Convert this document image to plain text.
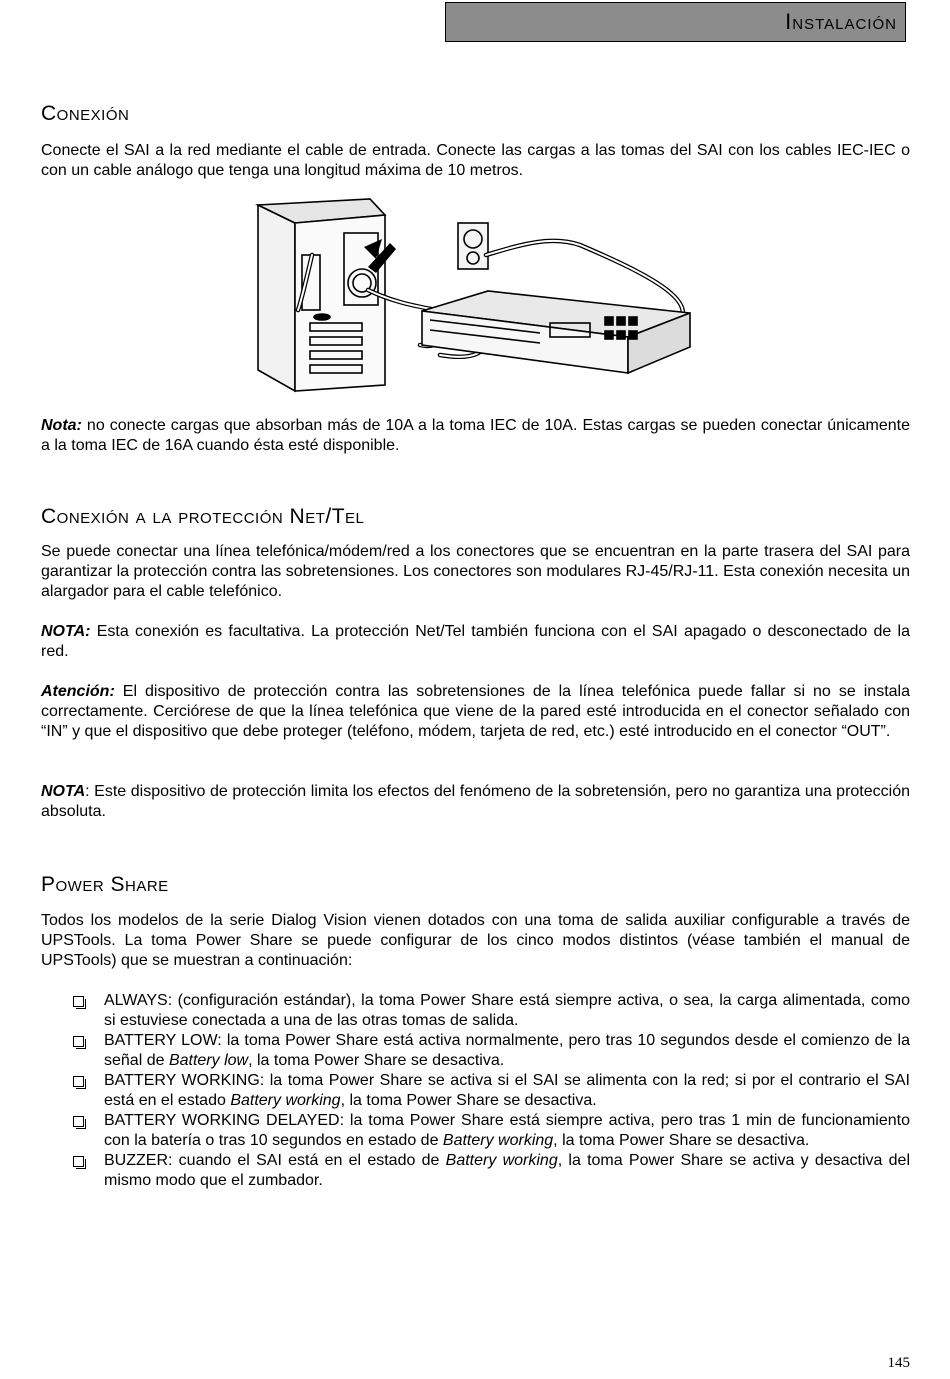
Instalación
Conexión

Conecte el SAI a la red mediante el cable de entrada. Conecte las cargas a las tomas del SAI con los cables IEC-IEC o con un cable análogo que tenga una longitud máxima de 10 metros.

Nota: no conecte cargas que absorban más de 10A a la toma IEC de 10A. Estas cargas se pueden conectar únicamente a la toma IEC de 16A cuando ésta esté disponible.

Conexión a la protección Net/Tel

Se puede conectar una línea telefónica/módem/red a los conectores que se encuentran en la parte trasera del SAI para garantizar la protección contra las sobretensiones. Los conectores son modulares RJ-45/RJ-11. Esta conexión necesita un alargador para el cable telefónico.

NOTA: Esta conexión es facultativa. La protección Net/Tel también funciona con el SAI apagado o desconectado de la red.

Atención: El dispositivo de protección contra las sobretensiones de la línea telefónica puede fallar si no se instala correctamente. Cerciórese de que la línea telefónica que viene de la pared esté introducida en el conector señalado con “IN” y que el dispositivo que debe proteger (teléfono, módem, tarjeta de red, etc.) esté introducido en el conector “OUT”.

NOTA: Este dispositivo de protección limita los efectos del fenómeno de la sobretensión, pero no garantiza una protección absoluta.

Power Share

Todos los modelos de la serie Dialog Vision vienen dotados con una toma de salida auxiliar configurable a través de UPSTools. La toma Power Share se puede configurar de los cinco modos distintos (véase también el manual de UPSTools) que se muestran a continuación:

ALWAYS: (configuración estándar), la toma Power Share está siempre activa, o sea, la carga alimentada, como si estuviese conectada a una de las otras tomas de salida.
BATTERY LOW: la toma Power Share está activa normalmente, pero tras 10 segundos desde el comienzo de la señal de Battery low, la toma Power Share se desactiva.
BATTERY WORKING: la toma Power Share se activa si el SAI se alimenta con la red; si por el contrario el SAI está en el estado Battery working, la toma Power Share se desactiva.
BATTERY WORKING DELAYED: la toma Power Share está siempre activa, pero tras 1 min de funcionamiento con la batería o tras 10 segundos en estado de Battery working, la toma Power Share se desactiva.
BUZZER: cuando el SAI está en el estado de Battery working, la toma Power Share se activa y desactiva del mismo modo que el zumbador.
145
